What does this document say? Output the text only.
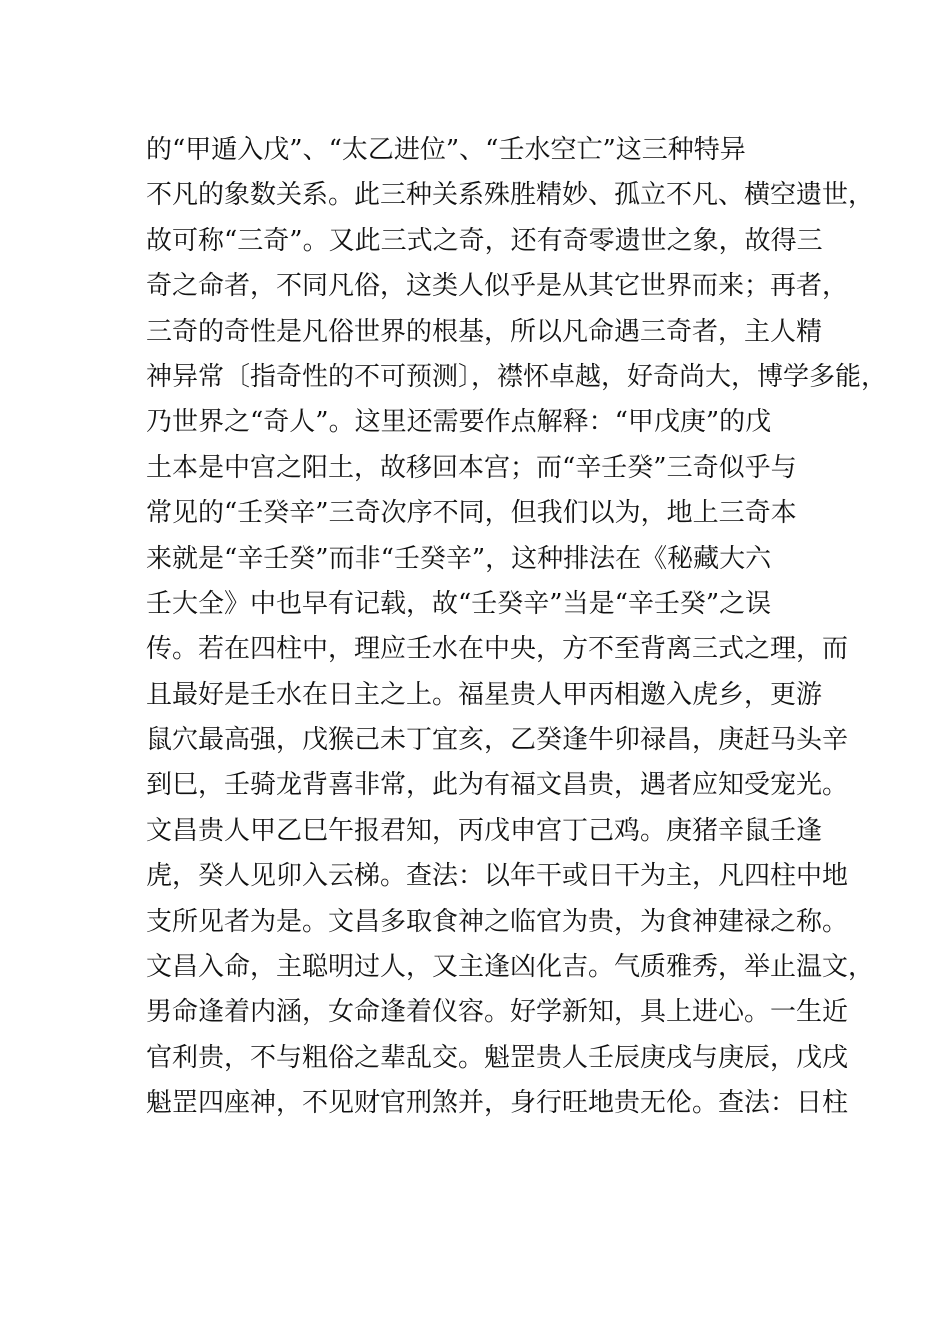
的“甲遁入戊”、“太乙进位”、“壬水空亡”这三种特异
不凡的象数关系。此三种关系殊胜精妙、孤立不凡、横空遗世，
故可称“三奇”。又此三式之奇，还有奇零遗世之象，故得三
奇之命者，不同凡俗，这类人似乎是从其它世界而来；再者，
三奇的奇性是凡俗世界的根基，所以凡命遇三奇者，主人精
神异常〔指奇性的不可预测〕，襟怀卓越，好奇尚大，博学多能，
乃世界之“奇人”。这里还需要作点解释：“甲戊庚”的戊
土本是中宫之阳土，故移回本宫；而“辛壬癸”三奇似乎与
常见的“壬癸辛”三奇次序不同，但我们以为，地上三奇本
来就是“辛壬癸”而非“壬癸辛”，这种排法在《秘藏大六
壬大全》中也早有记载，故“壬癸辛”当是“辛壬癸”之误
传。若在四柱中，理应壬水在中央，方不至背离三式之理，而
且最好是壬水在日主之上。福星贵人甲丙相邀入虎乡，更游
鼠穴最高强，戊猴己未丁宜亥，乙癸逢牛卯禄昌，庚赶马头辛
到巳，壬骑龙背喜非常，此为有福文昌贵，遇者应知受宠光。
文昌贵人甲乙巳午报君知，丙戊申宫丁己鸡。庚猪辛鼠壬逢
虎，癸人见卯入云梯。查法：以年干或日干为主，凡四柱中地
支所见者为是。文昌多取食神之临官为贵，为食神建禄之称。
文昌入命，主聪明过人，又主逢凶化吉。气质雅秀，举止温文，
男命逢着内涵，女命逢着仪容。好学新知，具上进心。一生近
官利贵，不与粗俗之辈乱交。魁罡贵人壬辰庚戌与庚辰，戊戌
魁罡四座神，不见财官刑煞并，身行旺地贵无伦。查法：日柱
